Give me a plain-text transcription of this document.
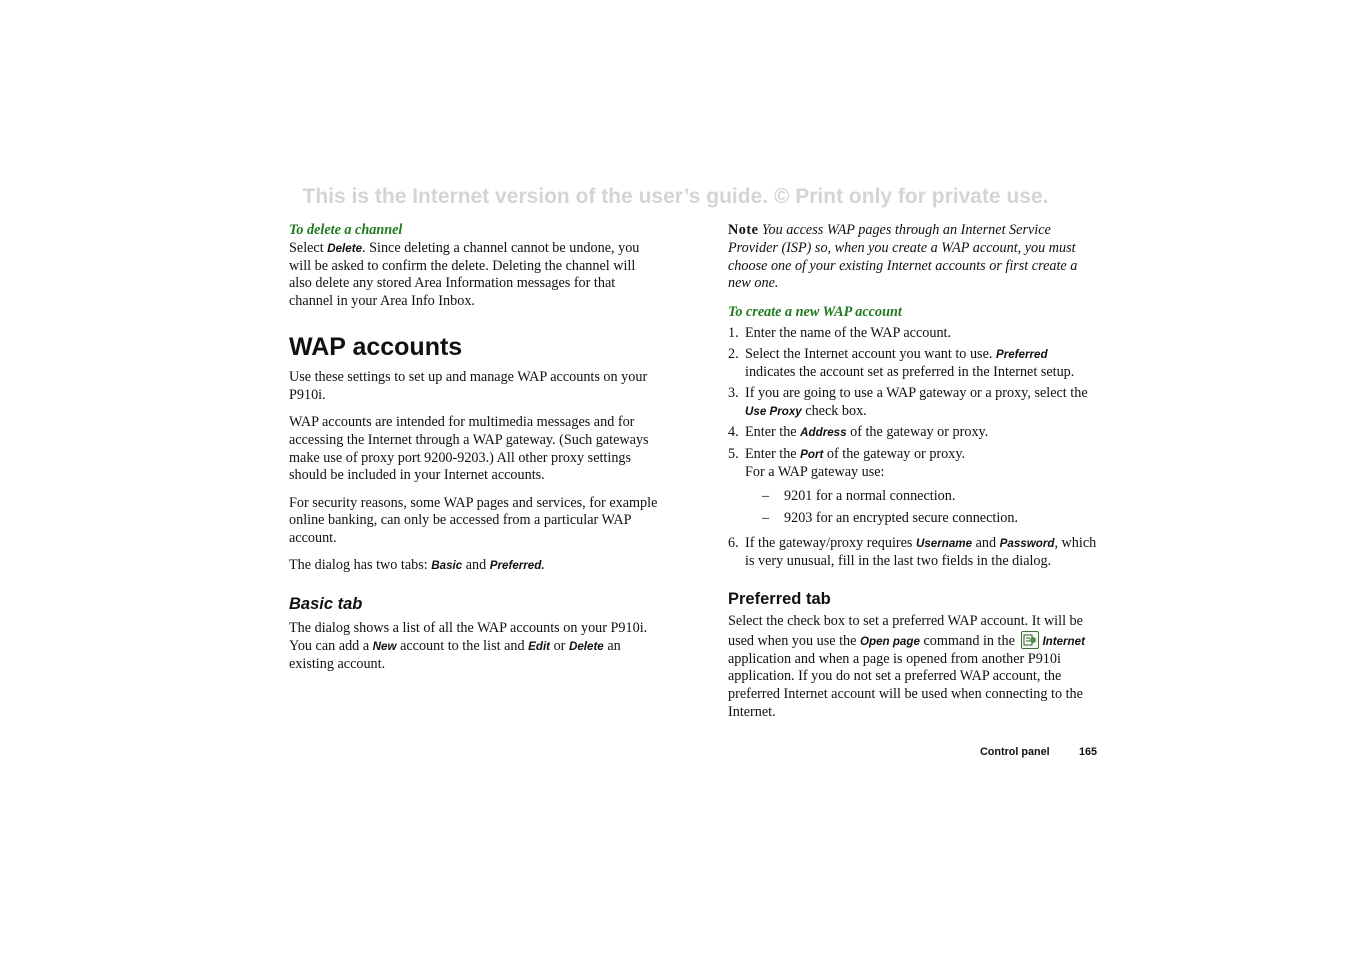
This is the Internet version of the user’s guide. © Print only for private use.
To delete a channel

Select Delete. Since deleting a channel cannot be undone, you will be asked to confirm the delete. Deleting the channel will also delete any stored Area Information messages for that channel in your Area Info Inbox.

WAP accounts

Use these settings to set up and manage WAP accounts on your P910i.

WAP accounts are intended for multimedia messages and for accessing the Internet through a WAP gateway. (Such gateways make use of proxy port 9200-9203.) All other proxy settings should be included in your Internet accounts.

For security reasons, some WAP pages and services, for example online banking, can only be accessed from a particular WAP account.

The dialog has two tabs: Basic and Preferred.

Basic tab

The dialog shows a list of all the WAP accounts on your P910i. You can add a New account to the list and Edit or Delete an existing account.

Note You access WAP pages through an Internet Service Provider (ISP) so, when you create a WAP account, you must choose one of your existing Internet accounts or first create a new one.

To create a new WAP account
1. Enter the name of the WAP account.
2. Select the Internet account you want to use. Preferred indicates the account set as preferred in the Internet setup.
3. If you are going to use a WAP gateway or a proxy, select the Use Proxy check box.
4. Enter the Address of the gateway or proxy.
5. Enter the Port of the gateway or proxy.
For a WAP gateway use:
– 9201 for a normal connection.
– 9203 for an encrypted secure connection.
6. If the gateway/proxy requires Username and Password, which is very unusual, fill in the last two fields in the dialog.
Preferred tab

Select the check box to set a preferred WAP account. It will be used when you use the Open page command in the
Internet application and when a page is opened from another P910i application. If you do not set a preferred WAP account, the preferred Internet account will be used when connecting to the Internet.

Control panel	165
